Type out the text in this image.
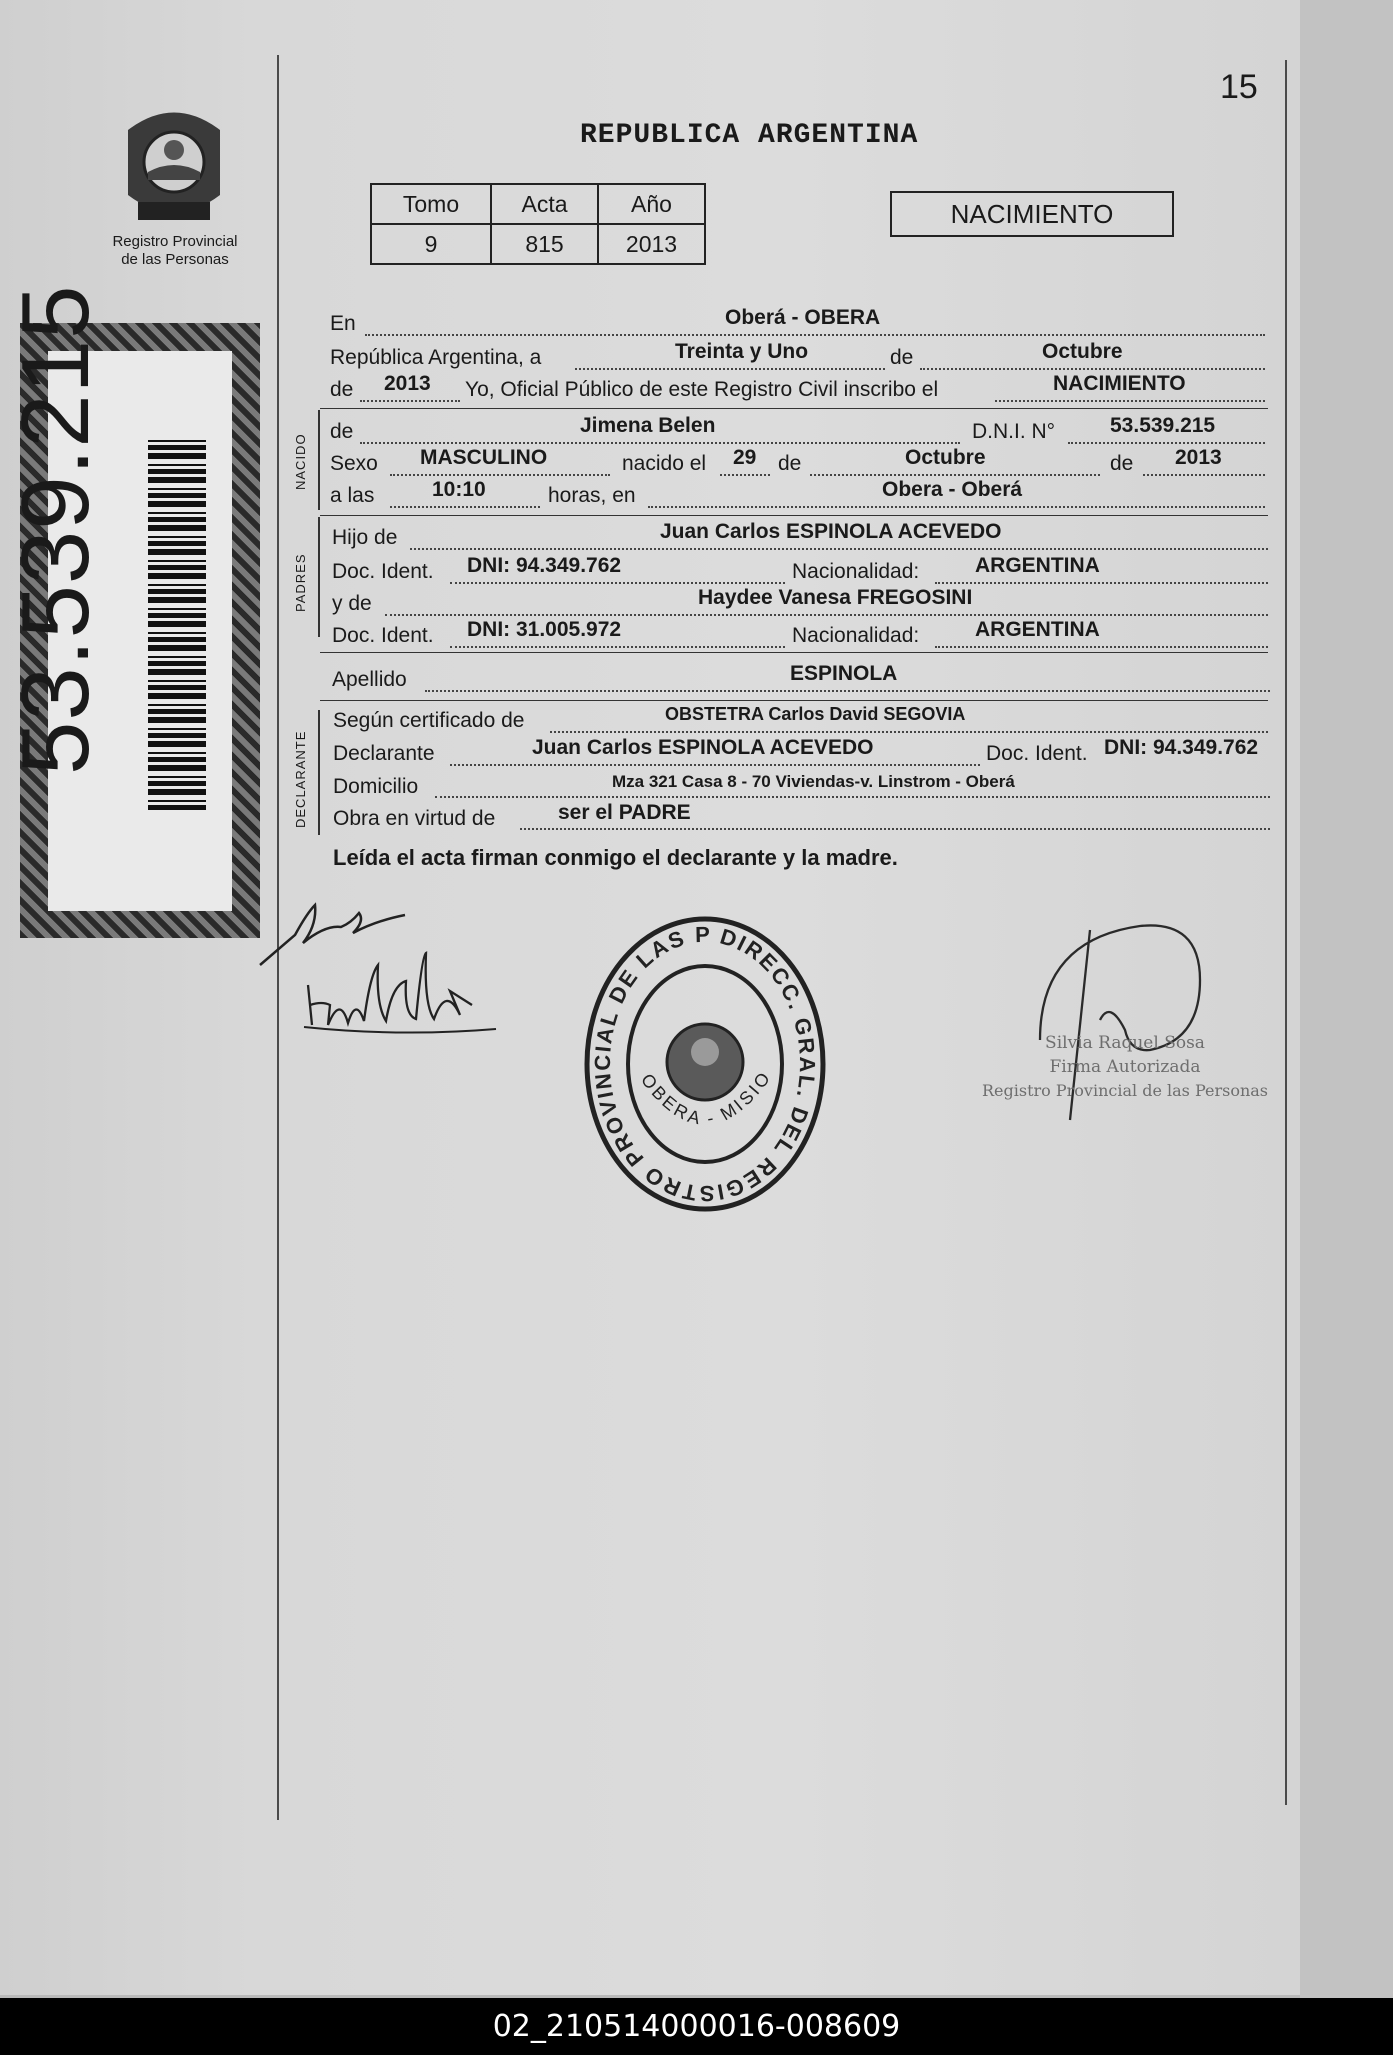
15
REPUBLICA ARGENTINA
Registro Provincial
de las Personas
53.539.215
Tomo	Acta	Año
9	815	2013
NACIMIENTO
En	Oberá - OBERA
República Argentina, a	Treinta y Uno	de	Octubre
de 2013 Yo, Oficial Público de este Registro Civil inscribo el	NACIMIENTO
NACIDO
de	Jimena Belen	D.N.I. N°	53.539.215
Sexo MASCULINO	nacido el 29 de	Octubre	de 2013
a las	10:10	horas, en	Obera - Oberá
PADRES
Hijo de	Juan Carlos ESPINOLA ACEVEDO
Doc. Ident. DNI: 94.349.762	Nacionalidad:	ARGENTINA
y de	Haydee Vanesa FREGOSINI
Doc. Ident. DNI: 31.005.972	Nacionalidad:	ARGENTINA
Apellido	ESPINOLA
DECLARANTE
Según certificado de	OBSTETRA Carlos David SEGOVIA
Declarante	Juan Carlos ESPINOLA ACEVEDO	Doc. Ident. DNI: 94.349.762
Domicilio	Mza 321 Casa 8 - 70 Viviendas-v. Linstrom - Oberá
Obra en virtud de	ser el PADRE
Leída el acta firman conmigo el declarante y la madre.
DIRECC. GRAL. DEL REGISTRO PROVINCIAL DE LAS P
OBERA - MISIO
Silvia Raquel Sosa
Firma Autorizada
Registro Provincial de las Personas
02_210514000016-008609
